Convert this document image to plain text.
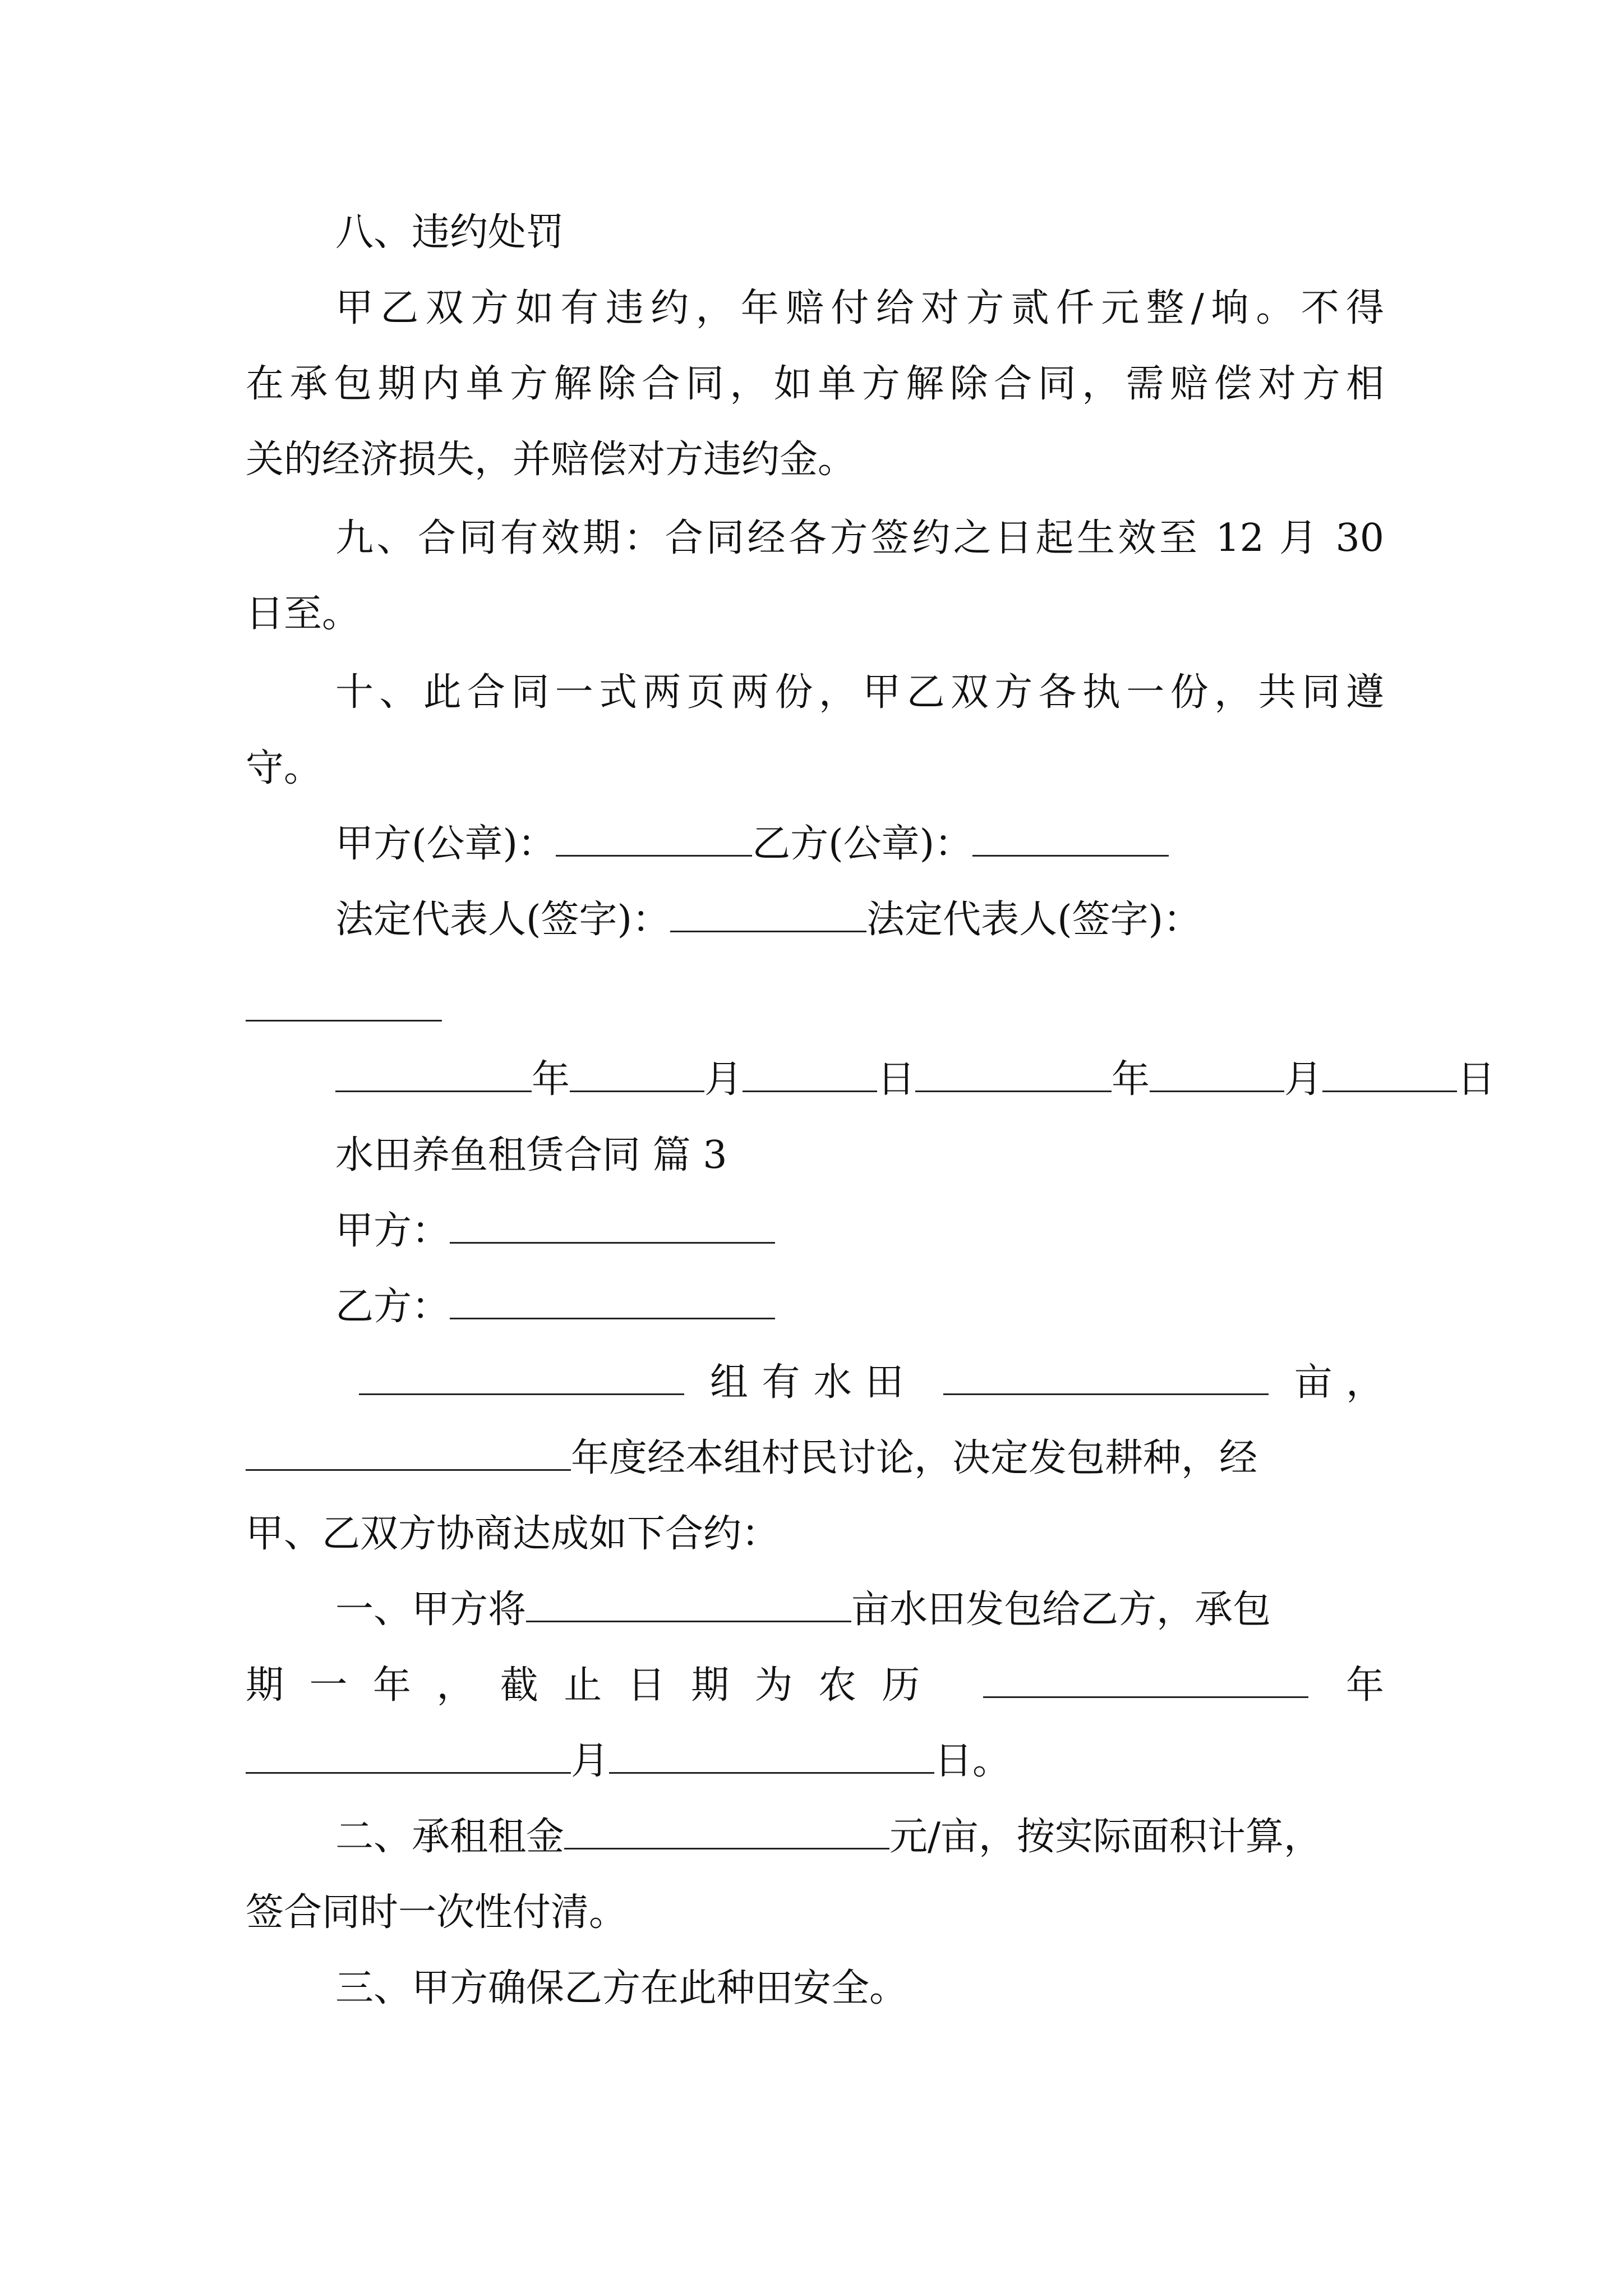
八、违约处罚

甲乙双方如有违约，年赔付给对方贰仟元整/垧。不得

在承包期内单方解除合同，如单方解除合同，需赔偿对方相

关的经济损失，并赔偿对方违约金。

九、合同有效期：合同经各方签约之日起生效至 12 月 30

日至。

十、此合同一式两页两份，甲乙双方各执一份，共同遵

守。

甲方(公章)：	乙方(公章)：

法定代表人(签字)：	法定代表人(签字)：

年	月	日	年	月	日

水田养鱼租赁合同 篇 3

甲方：

乙方：

组有水田	亩，

年度经本组村民讨论，决定发包耕种，经

甲、乙双方协商达成如下合约：

一、甲方将	亩水田发包给乙方，承包

期一年，截止日期为农历	年

月	日。

二、承租租金	元/亩，按实际面积计算，

签合同时一次性付清。

三、甲方确保乙方在此种田安全。
